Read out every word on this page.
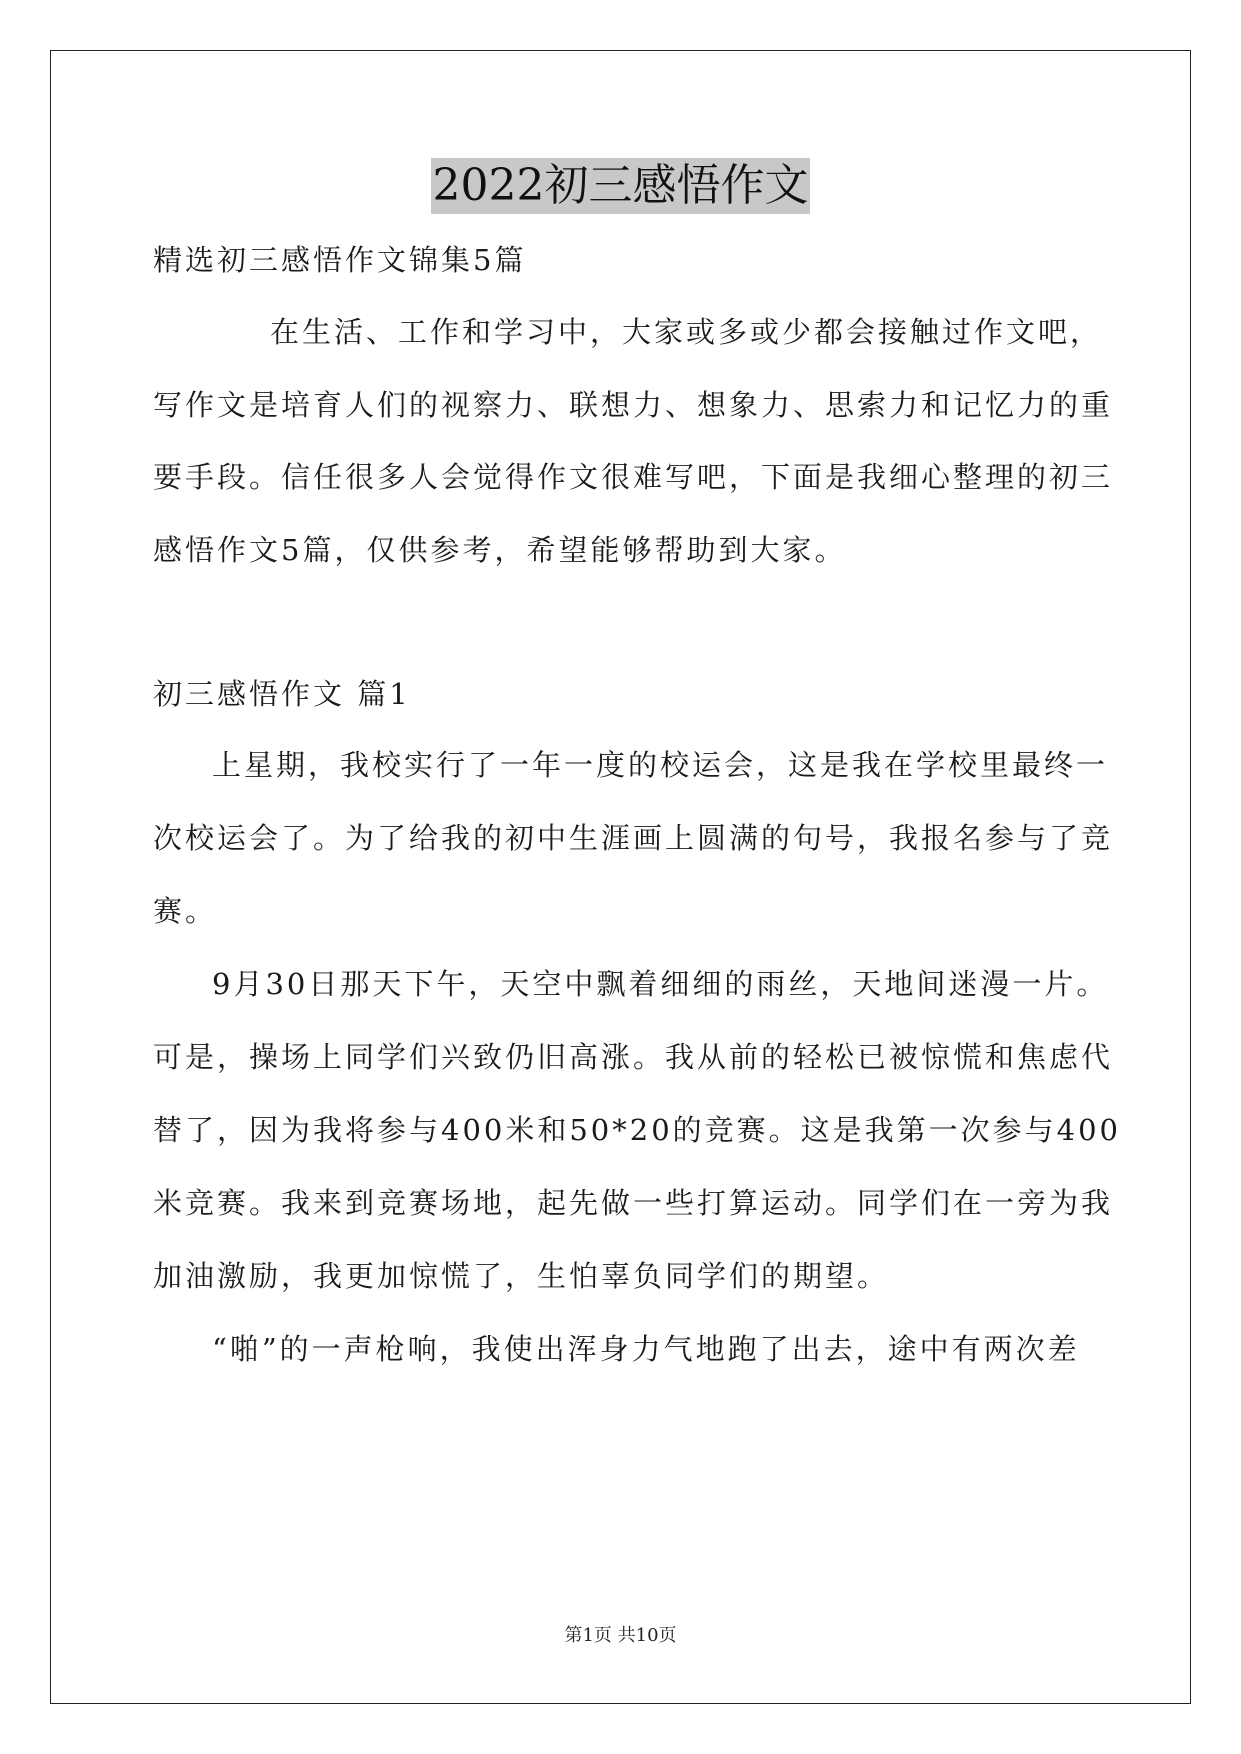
2022初三感悟作文
精选初三感悟作文锦集5篇
在生活、工作和学习中，大家或多或少都会接触过作文吧，
写作文是培育人们的视察力、联想力、想象力、思索力和记忆力的重
要手段。信任很多人会觉得作文很难写吧，下面是我细心整理的初三
感悟作文5篇，仅供参考，希望能够帮助到大家。
初三感悟作文 篇1
上星期，我校实行了一年一度的校运会，这是我在学校里最终一
次校运会了。为了给我的初中生涯画上圆满的句号，我报名参与了竞
赛。
9月30日那天下午，天空中飘着细细的雨丝，天地间迷漫一片。
可是，操场上同学们兴致仍旧高涨。我从前的轻松已被惊慌和焦虑代
替了，因为我将参与400米和50*20的竞赛。这是我第一次参与400
米竞赛。我来到竞赛场地，起先做一些打算运动。同学们在一旁为我
加油激励，我更加惊慌了，生怕辜负同学们的期望。
“啪”的一声枪响，我使出浑身力气地跑了出去，途中有两次差
第1页 共10页
